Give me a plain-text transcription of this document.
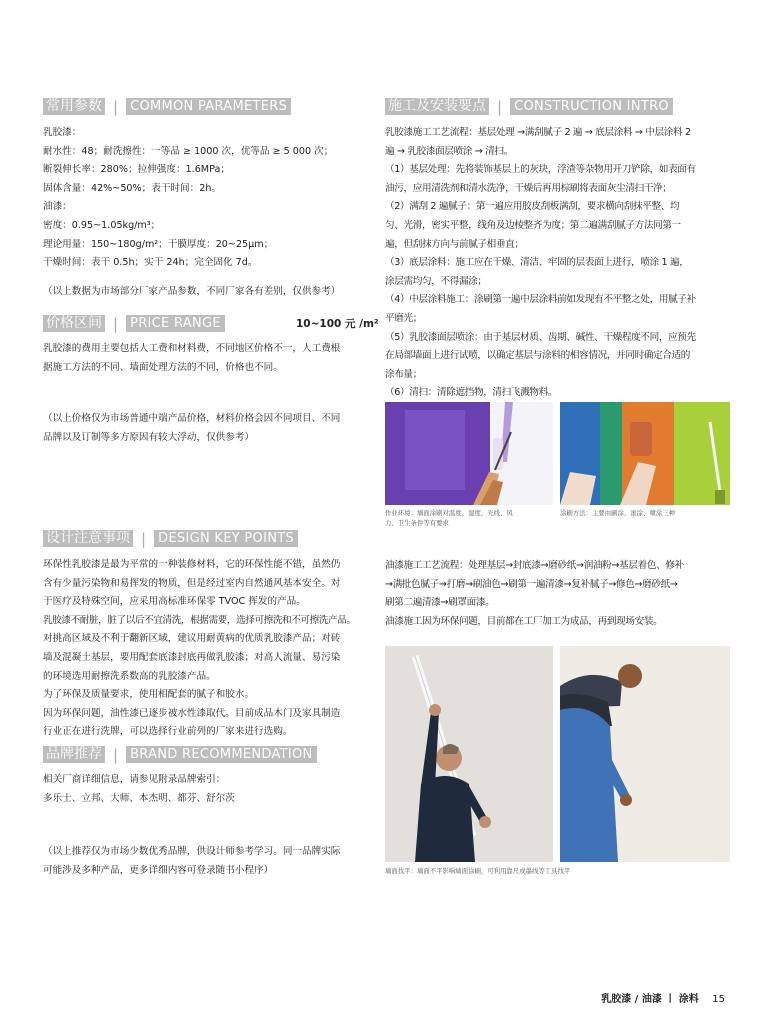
常用参数 | COMMON PARAMETERS

乳胶漆：

耐水性：48；耐洗擦性：一等品 ≥ 1000 次，优等品 ≥ 5 000 次；

断裂伸长率：280%；拉伸强度：1.6MPa；

固体含量：42%~50%；表干时间：2h。

油漆：

密度：0.95~1.05kg/m³；

理论用量：150~180g/m²；干膜厚度：20~25μm；

干燥时间：表干 0.5h；实干 24h；完全固化 7d。

（以上数据为市场部分厂家产品参数，不同厂家各有差别，仅供参考）

价格区间 | PRICE RANGE	10~100 元 /m²

乳胶漆的费用主要包括人工费和材料费，不同地区价格不一，人工费根

据施工方法的不同、墙面处理方法的不同，价格也不同。

（以上价格仅为市场普通中端产品价格，材料价格会因不同项目、不同

品牌以及订制等多方原因有较大浮动，仅供参考）

设计注意事项 | DESIGN KEY POINTS

环保性乳胶漆是最为平常的一种装修材料，它的环保性能不错，虽然仍

含有少量污染物和易挥发的物质，但是经过室内自然通风基本安全。对

于医疗及特殊空间，应采用高标准环保零 TVOC 挥发的产品。

乳胶漆不耐脏，脏了以后不宜清洗，根据需要，选择可擦洗和不可擦洗产品。

对挑高区域及不利于翻新区域，建议用耐黄病的优质乳胶漆产品；对砖

墙及混凝土基层，要用配套底漆封底再做乳胶漆；对高人流量、易污染

的环境选用耐擦洗系数高的乳胶漆产品。

为了环保及质量要求，使用相配套的腻子和胶水。

因为环保问题，油性漆已逐步被水性漆取代。目前成品木门及家具制造

行业正在进行洗牌，可以选择行业前列的厂家来进行选购。

品牌推荐 | BRAND RECOMMENDATION

相关厂商详细信息，请参见附录品牌索引：

多乐士、立邦、大师、本杰明、都芬、舒尔茨

（以上推荐仅为市场少数优秀品牌，供设计师参考学习。同一品牌实际

可能涉及多种产品，更多详细内容可登录随书小程序）

施工及安装要点 | CONSTRUCTION INTRO

乳胶漆施工工艺流程：基层处理 →满刮腻子 2 遍 → 底层涂料 → 中层涂料 2

遍 → 乳胶漆面层喷涂 → 清扫。

（1）基层处理：先将装饰基层上的灰块，浮渣等杂物用开刀铲除，如表面有

油污，应用清洗剂和清水洗净，干燥后再用棕刷将表面灰尘清扫干净；

（2）满刮 2 遍腻子：第一遍应用胶皮刮板满刮，要求横向刮抹平整、均

匀、光滑，密实平整，线角及边棱整齐为度；第二遍满刮腻子方法同第一

遍，但刮抹方向与前腻子相垂直；

（3）底层涂料：施工应在干燥、清洁、牢固的层表面上进行，喷涂 1 遍，

涂层需均匀，不得漏涂；

（4）中层涂料施工：涂刷第一遍中层涂料前如发现有不平整之处，用腻子补

平磨光；

（5）乳胶漆面层喷涂：由于基层材质、齿期、碱性、干燥程度不同，应预先

在局部墙面上进行试喷，以确定基层与涂料的相容情况，并同时确定合适的

涂布量；

（6）清扫：清除遮挡物，清扫飞溅物料。

作业环境：墙面涂刷对温度、湿度、光线、风
力、卫生条件等有要求
涂刷方法：主要由刷涂、滚涂、喷涂三种

油漆施工工艺流程：处理基层→封底漆→磨砂纸→润油粉→基层着色、修补

→满批色腻子→打磨→刷油色→刷第一遍清漆→复补腻子→修色→磨砂纸→

刷第二遍清漆→刷罩面漆。

油漆施工因为环保问题，目前都在工厂加工为成品，再到现场安装。

墙面找平：墙面不平影响墙面涂刷，可利用靠尺或墨线等工具找平
乳胶漆 / 油漆 丨 涂料 15
